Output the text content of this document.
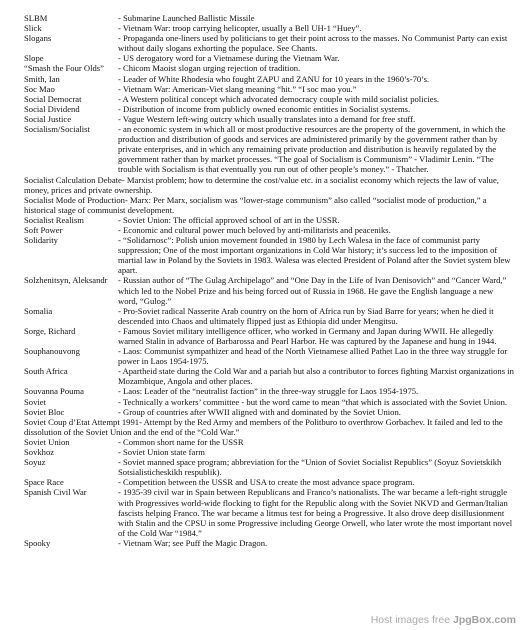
SLBM	- Submarine Launched Ballistic Missile
Slick	- Vietnam War: troop carrying helicopter, usually a Bell UH-1 “Huey”.
Slogans	- Propaganda one-liners used by politicians to get their point across to the masses. No Communist Party can exist without daily slogans exhorting the populace. See Chants.
Slope	- US derogatory word for a Vietnamese during the Vietnam War.
“Smash the Four Olds”	- Chicom Maoist slogan urging rejection of tradition.
Smith, Ian	- Leader of White Rhodesia who fought ZAPU and ZANU for 10 years in the 1960’s-70’s.
Soc Mao	- Vietnam War: American-Viet slang meaning “hit.” “I soc mao you.”
Social Democrat	- A Western political concept which advocated democracy couple with mild socialist policies.
Social Dividend	- Distribution of income from publicly owned economic entities in Socialist systems.
Social Justice	- Vague Western left-wing outcry which usually translates into a demand for free stuff.
Socialism/Socialist	- an economic system in which all or most productive resources are the property of the government, in which the production and distribution of goods and services are administered primarily by the government rather than by private enterprises, and in which any remaining private production and distribution is heavily regulated by the government rather than by market processes. “The goal of Socialism is Communism” - Vladimir Lenin. “The trouble with Socialism is that eventually you run out of other people’s money.” - Thatcher.
Socialist Calculation Debate- Marxist problem; how to determine the cost/value etc. in a socialist economy which rejects the law of value, money, prices and private ownership.
Socialist Mode of Production- Marx: Per Marx, socialism was “lower-stage communism” also called “socialist mode of production,” a historical stage of communist development.
Socialist Realism	- Soviet Union: The official approved school of art in the USSR.
Soft Power	- Economic and cultural power much beloved by anti-militarists and peaceniks.
Solidarity	- “Solidarnosc”: Polish union movement founded in 1980 by Lech Walesa in the face of communist party suppression; One of the most important organizations in Cold War history; it’s success led to the imposition of martial law in Poland by the Soviets in 1983. Walesa was elected President of Poland after the Soviet system blew apart.
Solzhenitsyn, Aleksandr	- Russian author of “The Gulag Archipelago” and “One Day in the Life of Ivan Denisovich” and “Cancer Ward,” which led to the Nobel Prize and his being forced out of Russia in 1968. He gave the English language a new word, “Gulog.”
Somalia	- Pro-Soviet radical Nasserite Arab country on the horn of Africa run by Siad Barre for years; when he died it descended into Chaos and ultimately flipped just as Ethiopia did under Mengitsu.
Sorge, Richard	- Famous Soviet military intelligence officer, who worked in Germany and Japan during WWII. He allegedly warned Stalin in advance of Barbarossa and Pearl Harbor. He was captured by the Japanese and hung in 1944.
Souphanouvong	- Laos: Communist sympathizer and head of the North Vietnamese allied Pathet Lao in the three way struggle for power in Laos 1954-1975.
South Africa	- Apartheid state during the Cold War and a pariah but also a contributor to forces fighting Marxist organizations in Mozambique, Angola and other places.
Souvanna Pouma	- Laos: Leader of the “neutralist faction” in the three-way struggle for Laos 1954-1975.
Soviet	- Technically a workers’ committee - but the word came to mean “that which is associated with the Soviet Union.
Soviet Bloc	- Group of countries after WWII aligned with and dominated by the Soviet Union.
Soviet Coup d’Etat Attempt 1991- Attempt by the Red Army and members of the Politburo to overthrow Gorbachev. It failed and led to the dissolution of the Soviet Union and the end of the “Cold War.”
Soviet Union	- Common short name for the USSR
Sovkhoz	- Soviet Union state farm
Soyuz	- Soviet manned space program; abbreviation for the “Union of Soviet Socialist Republics” (Soyuz Sovietskikh Sotsialisticheskikh respublik).
Space Race	- Competition between the USSR and USA to create the most advance space program.
Spanish Civil War	- 1935-39 civil war in Spain between Republicans and Franco’s nationalists. The war became a left-right struggle with Progressives world-wide flocking to fight for the Republic along with the Soviet NKVD and German/Italian fascists helping Franco. The war became a litmus test for being a Progressive. It also drove deep disillusionment with Stalin and the CPSU in some Progressive including George Orwell, who later wrote the most important novel of the Cold War “1984.”
Spooky	- Vietnam War; see Puff the Magic Dragon.
Host images free JpgBox.com
